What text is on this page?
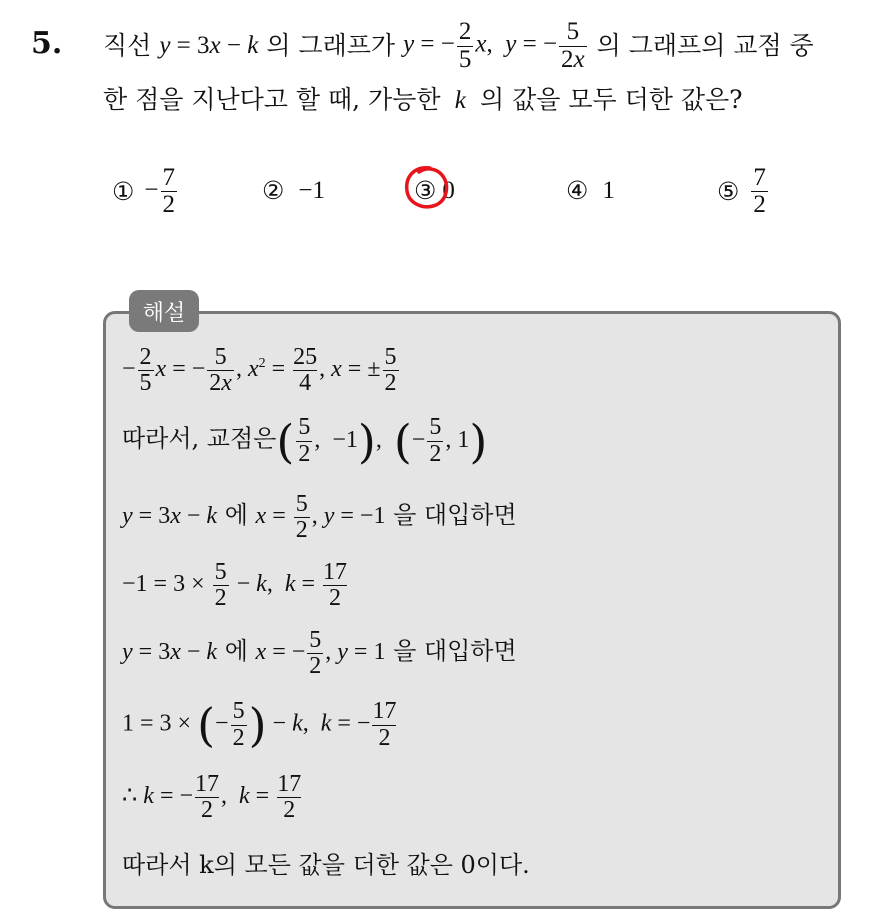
5. 직선 y = 3x − k 의 그래프가 y = − $\frac{2}{5} x$,  y = − $\frac{5}{2x}$ 의 그래프의 교점 중
한 점을 지난다고 할 때, 가능한  k  의 값을 모두 더한 값은?
① − $\frac{7}{2}$	② −1	③ 0	④ 1	⑤ $\frac{7}{2}$
해설
− $\frac{2}{5}$ x = − $\frac{5}{2x}$ , $x^2 = \frac{25}{4}$ , x = ± $\frac{5}{2}$
따라서, 교점은( $\frac{5}{2}$ ,  −1),  (− $\frac{5}{2}$ , 1)
y = 3x − k 에 $x = \frac{5}{2}$ , y = −1 을 대입하면
$-1 = 3 \times \frac{5}{2} - k$,  $k = \frac{17}{2}$
y = 3x − k 에 x = − $\frac{5}{2}$ , y = 1 을 대입하면
1 = 3 × (− $\frac{5}{2}$ ) − k,  k = − $\frac{17}{2}$
∴ k = − $\frac{17}{2}$ ,  $k = \frac{17}{2}$
따라서 k의 모든 값을 더한 값은 0이다.
